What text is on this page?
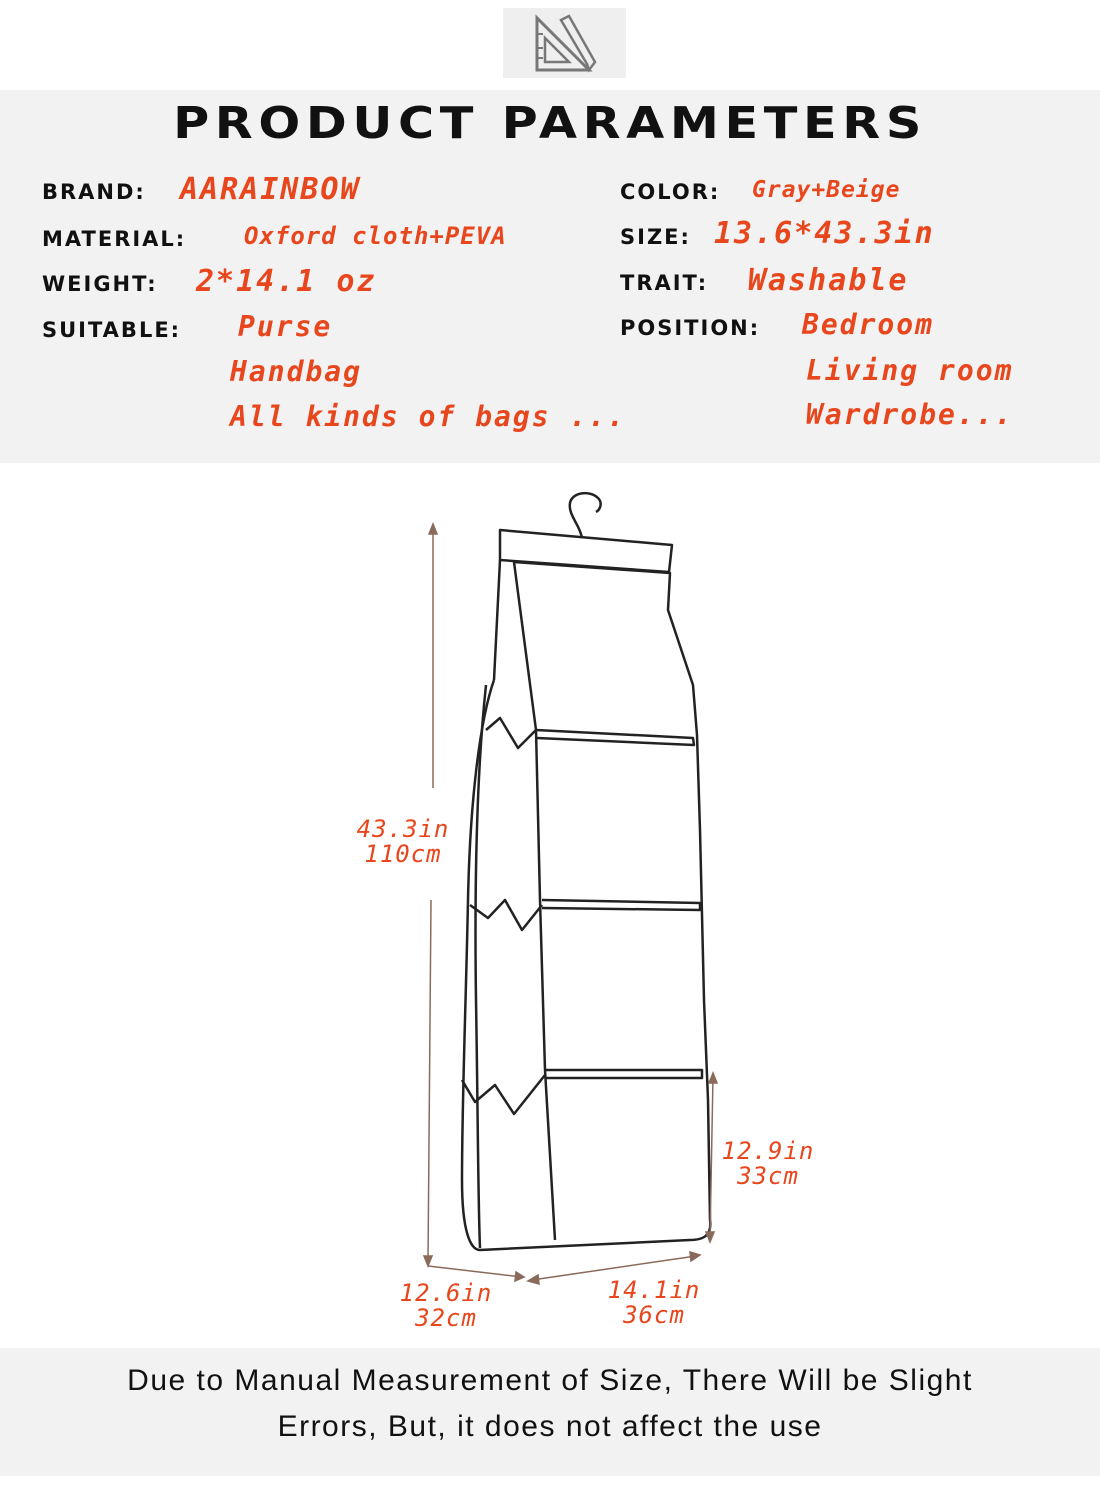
PRODUCT PARAMETERS
BRAND: AARAINBOW
MATERIAL: Oxford cloth+PEVA
WEIGHT: 2*14.1 oz
SUITABLE: Purse
Handbag
All kinds of bags ...
COLOR: Gray+Beige
SIZE: 13.6*43.3in
TRAIT: Washable
POSITION: Bedroom
Living room
Wardrobe...
43.3in
110cm
12.9in
33cm
12.6in
32cm
14.1in
36cm
Due to Manual Measurement of Size, There Will be Slight
Errors, But, it does not affect the use
